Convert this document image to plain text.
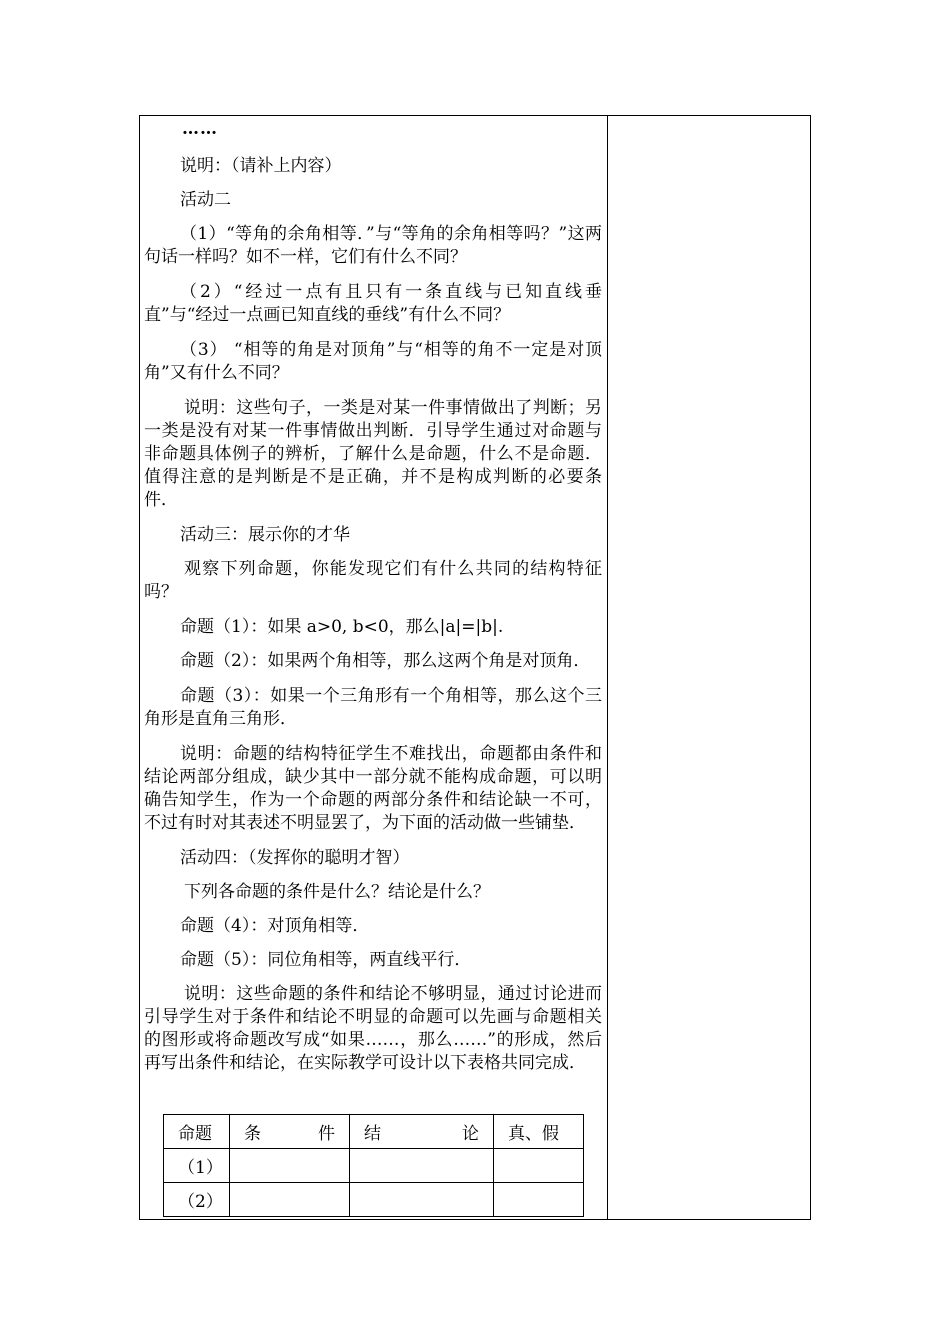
……

说明：（请补上内容）

活动二

（1）“等角的余角相等．”与“等角的余角相等吗？”这两句话一样吗？如不一样，它们有什么不同？

（2）“经过一点有且只有一条直线与已知直线垂直”与“经过一点画已知直线的垂线”有什么不同？

（3） “相等的角是对顶角”与“相等的角不一定是对顶角”又有什么不同？

说明：这些句子，一类是对某一件事情做出了判断；另一类是没有对某一件事情做出判断．引导学生通过对命题与非命题具体例子的辨析，了解什么是命题，什么不是命题．值得注意的是判断是不是正确，并不是构成判断的必要条件．

活动三：展示你的才华

观察下列命题，你能发现它们有什么共同的结构特征吗？

命题（1）：如果 a>0, b<0，那么|a|=|b|.

命题（2）：如果两个角相等，那么这两个角是对顶角．

命题（3）：如果一个三角形有一个角相等，那么这个三角形是直角三角形．

说明：命题的结构特征学生不难找出，命题都由条件和结论两部分组成，缺少其中一部分就不能构成命题，可以明确告知学生，作为一个命题的两部分条件和结论缺一不可，不过有时对其表述不明显罢了，为下面的活动做一些铺垫．

活动四：（发挥你的聪明才智）

下列各命题的条件是什么？结论是什么？

命题（4）：对顶角相等．

命题（5）：同位角相等，两直线平行．

说明：这些命题的条件和结论不够明显，通过讨论进而引导学生对于条件和结论不明显的命题可以先画与命题相关的图形或将命题改写成“如果……，那么……”的形成，然后再写出条件和结论，在实际教学可设计以下表格共同完成．

命题	条 件	结 论	真、假
（1）			
（2）			
